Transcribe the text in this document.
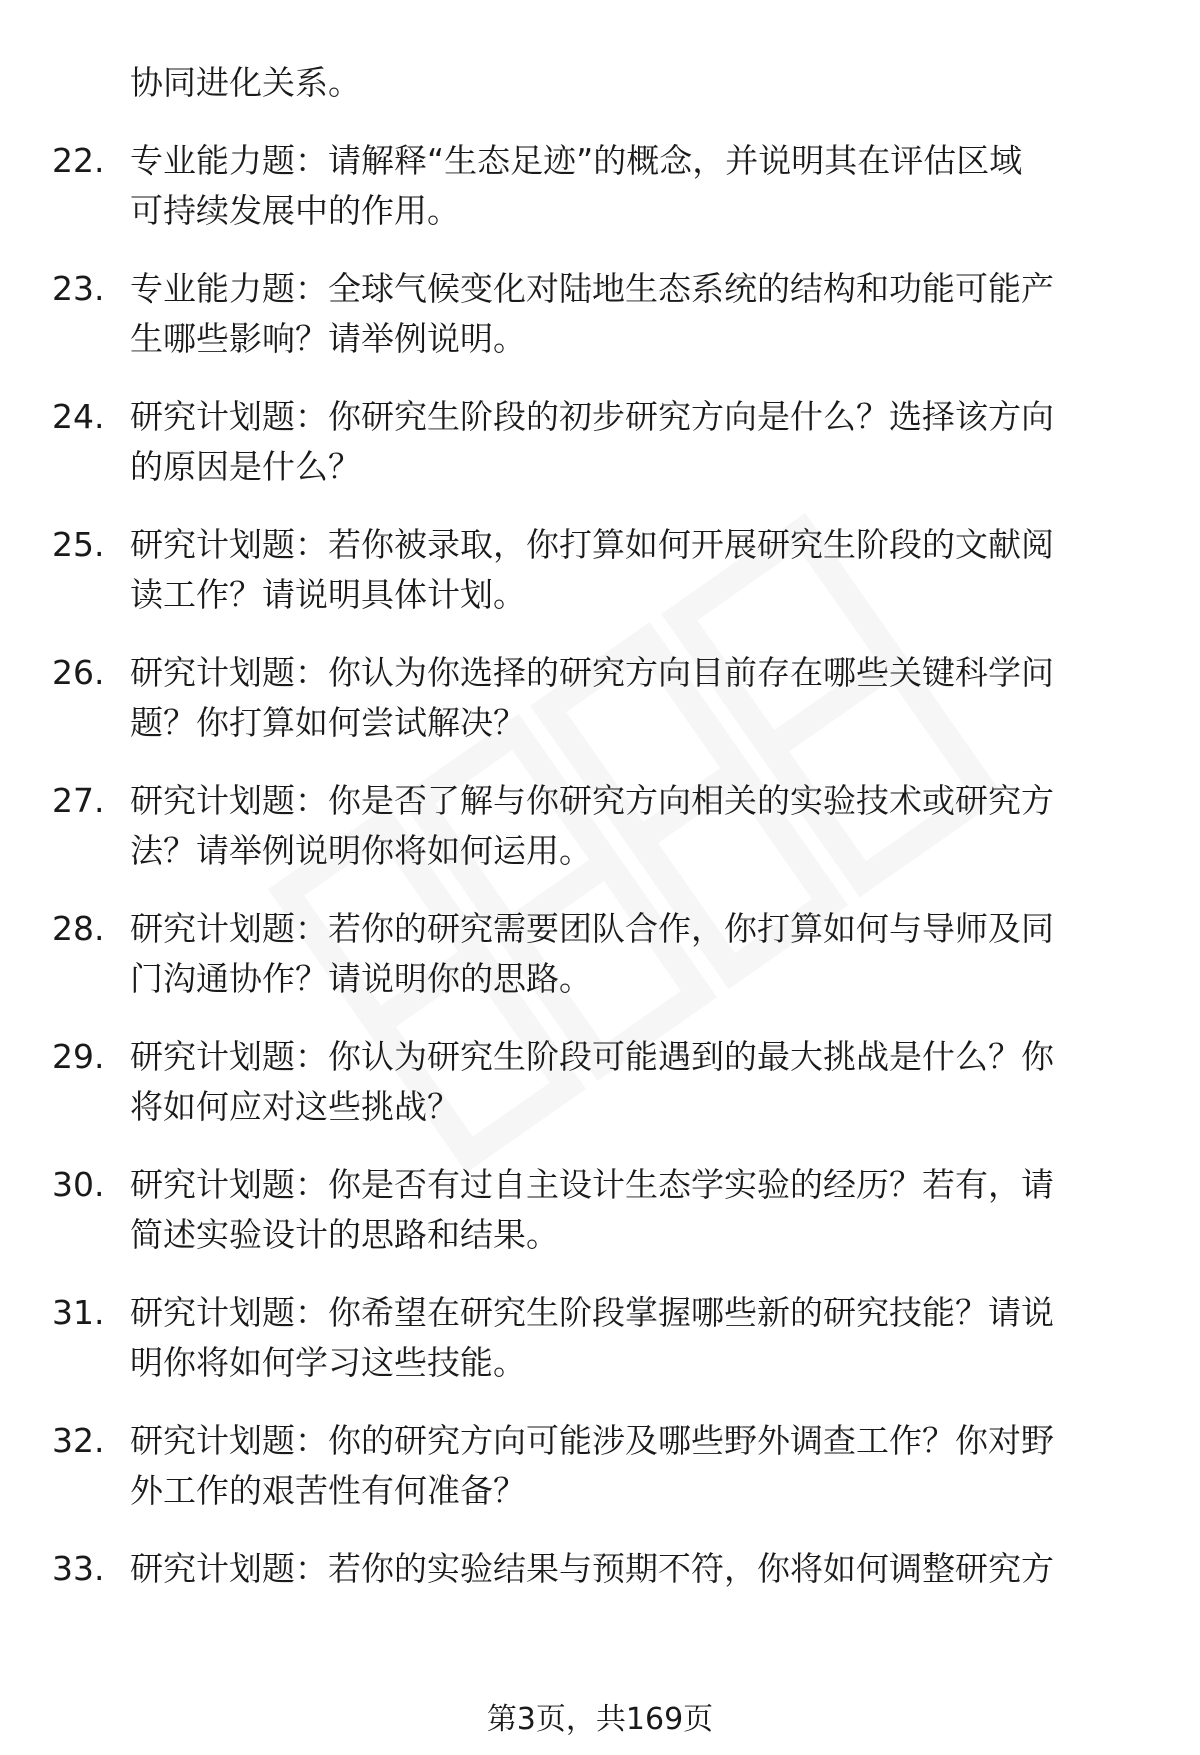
协同进化关系。
22. 专业能力题：请解释“生态足迹”的概念，并说明其在评估区域
可持续发展中的作用。
23. 专业能力题：全球气候变化对陆地生态系统的结构和功能可能产
生哪些影响？请举例说明。
24. 研究计划题：你研究生阶段的初步研究方向是什么？选择该方向
的原因是什么？
25. 研究计划题：若你被录取，你打算如何开展研究生阶段的文献阅
读工作？请说明具体计划。
26. 研究计划题：你认为你选择的研究方向目前存在哪些关键科学问
题？你打算如何尝试解决？
27. 研究计划题：你是否了解与你研究方向相关的实验技术或研究方
法？请举例说明你将如何运用。
28. 研究计划题：若你的研究需要团队合作，你打算如何与导师及同
门沟通协作？请说明你的思路。
29. 研究计划题：你认为研究生阶段可能遇到的最大挑战是什么？你
将如何应对这些挑战？
30. 研究计划题：你是否有过自主设计生态学实验的经历？若有，请
简述实验设计的思路和结果。
31. 研究计划题：你希望在研究生阶段掌握哪些新的研究技能？请说
明你将如何学习这些技能。
32. 研究计划题：你的研究方向可能涉及哪些野外调查工作？你对野
外工作的艰苦性有何准备？
33. 研究计划题：若你的实验结果与预期不符，你将如何调整研究方
第3页，共169页
